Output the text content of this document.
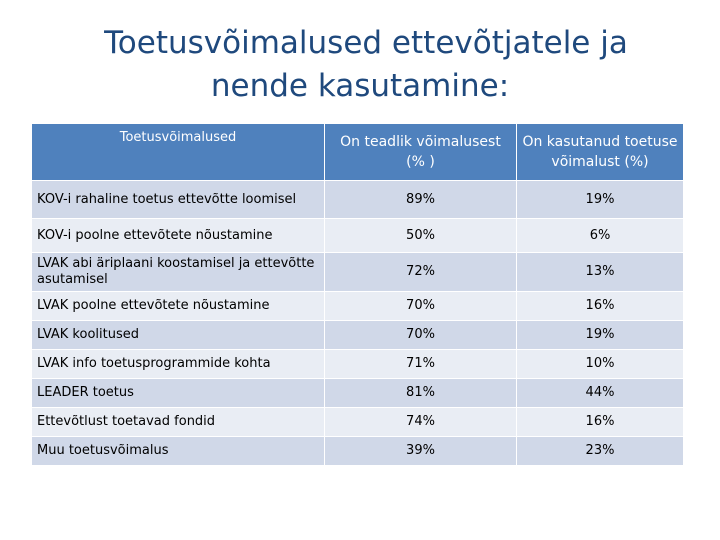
Toetusvõimalused ettevõtjatele ja
nende kasutamine:
Toetusvõimalused	On teadlik võimalusest (% )	On kasutanud toetuse võimalust (%)
KOV-i rahaline toetus ettevõtte loomisel	89%	19%
KOV-i poolne ettevõtete nõustamine	50%	6%
LVAK abi äriplaani koostamisel ja ettevõtte asutamisel	72%	13%
LVAK poolne ettevõtete nõustamine	70%	16%
LVAK koolitused	70%	19%
LVAK info toetusprogrammide kohta	71%	10%
LEADER toetus	81%	44%
Ettevõtlust toetavad fondid	74%	16%
Muu toetusvõimalus	39%	23%
